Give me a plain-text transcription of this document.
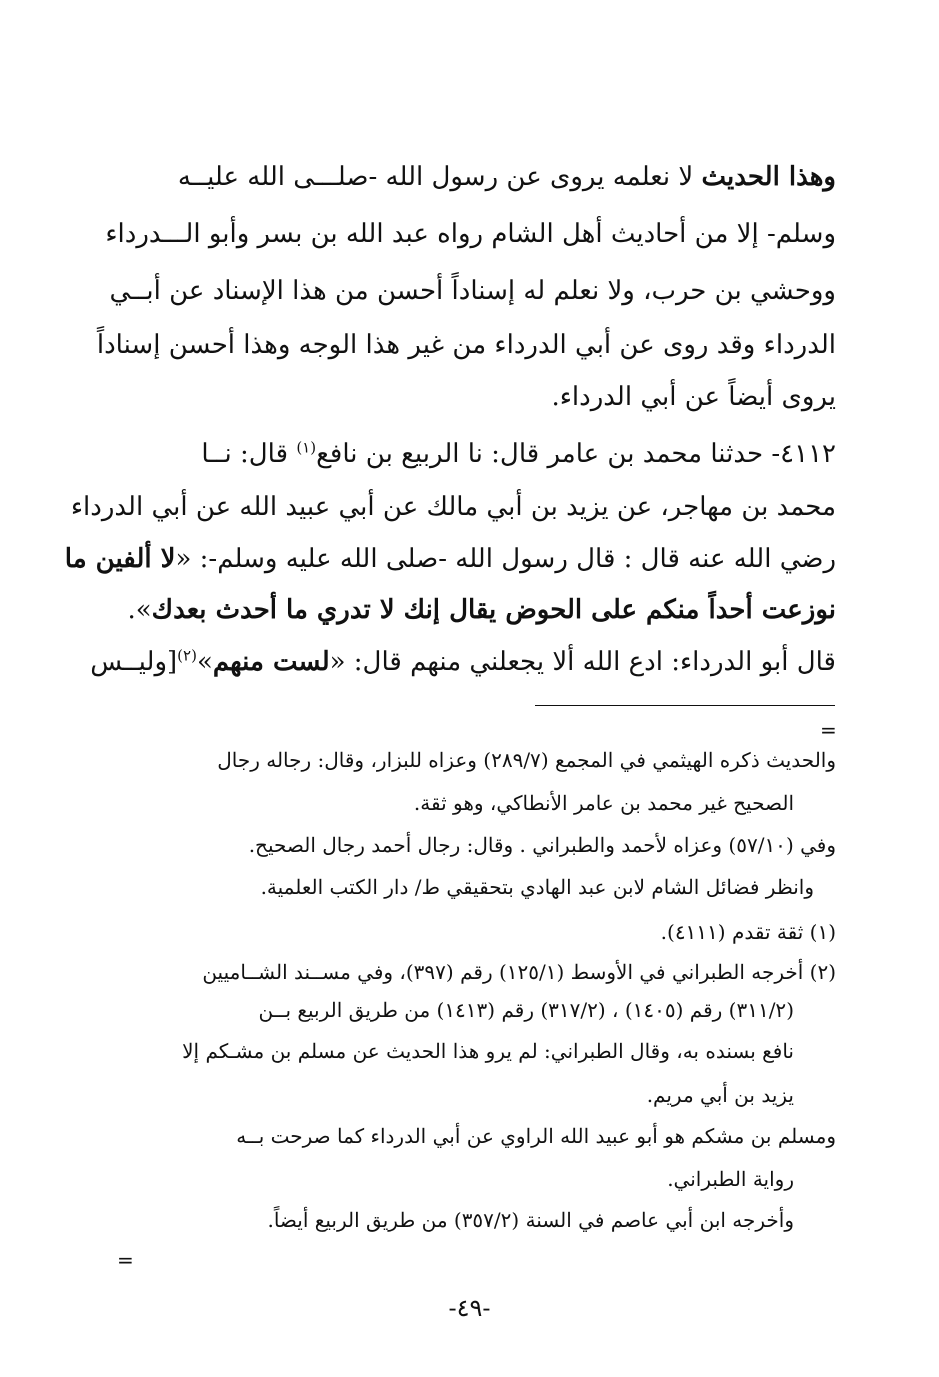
وهذا الحديث لا نعلمه يروى عن رسول الله -صلـــى الله عليــه
وسلم- إلا من أحاديث أهل الشام رواه عبد الله بن بسر وأبو الـــدرداء
ووحشي بن حرب، ولا نعلم له إسناداً أحسن من هذا الإسناد عن أبــي
الدرداء وقد روى عن أبي الدرداء من غير هذا الوجه وهذا أحسن إسناداً
يروى أيضاً عن أبي الدرداء.
٤١١٢- حدثنا محمد بن عامر قال: نا الربيع بن نافع$^{(١)}$ قال: نــا
محمد بن مهاجر، عن يزيد بن أبي مالك عن أبي عبيد الله عن أبي الدرداء
رضي الله عنه قال : قال رسول الله -صلى الله عليه وسلم-: «لا ألفين ما
نوزعت أحداً منكم على الحوض يقال إنك لا تدري ما أحدث بعدك».
قال أبو الدرداء: ادع الله ألا يجعلني منهم قال: «لست منهم»$^{(٢)}$[وليــس
=
والحديث ذكره الهيثمي في المجمع (٢٨٩/٧) وعزاه للبزار، وقال: رجاله رجال
الصحيح غير محمد بن عامر الأنطاكي، وهو ثقة.
وفي (٥٧/١٠) وعزاه لأحمد والطبراني . وقال: رجال أحمد رجال الصحيح.
وانظر فضائل الشام لابن عبد الهادي بتحقيقي ط/ دار الكتب العلمية.
(١) ثقة تقدم (٤١١١).
(٢) أخرجه الطبراني في الأوسط (١٢٥/١) رقم (٣٩٧)، وفي مســند الشــاميين
(٣١١/٢) رقم (١٤٠٥) ، (٣١٧/٢) رقم (١٤١٣) من طريق الربيع بــن
نافع بسنده به، وقال الطبراني: لم يرو هذا الحديث عن مسلم بن مشـكم إلا
يزيد بن أبي مريم.
ومسلم بن مشكم هو أبو عبيد الله الراوي عن أبي الدرداء كما صرحت بــه
رواية الطبراني.
وأخرجه ابن أبي عاصم في السنة (٣٥٧/٢) من طريق الربيع أيضاً.
=
-٤٩-
